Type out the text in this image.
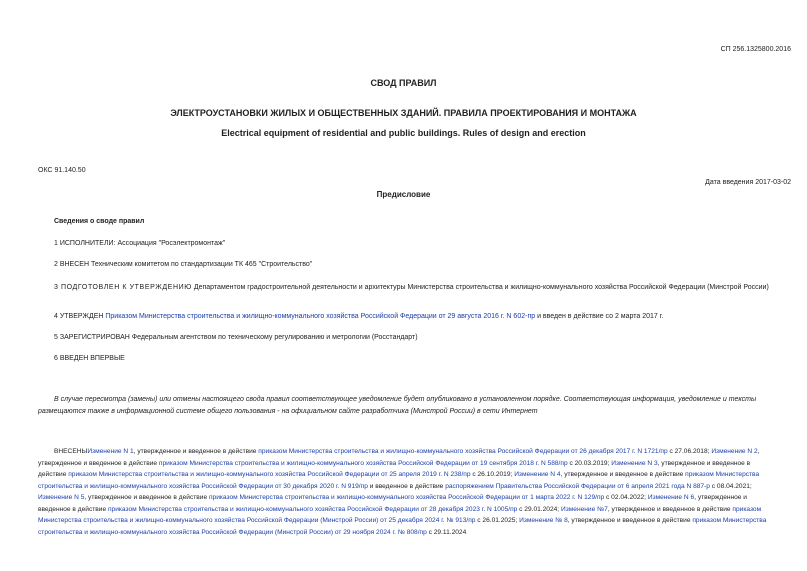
СП 256.1325800.2016
СВОД ПРАВИЛ
ЭЛЕКТРОУСТАНОВКИ ЖИЛЫХ И ОБЩЕСТВЕННЫХ ЗДАНИЙ. ПРАВИЛА ПРОЕКТИРОВАНИЯ И МОНТАЖА
Electrical equipment of residential and public buildings. Rules of design and erection
ОКС 91.140.50
Дата введения 2017-03-02
Предисловие
Сведения о своде правил
1 ИСПОЛНИТЕЛИ: Ассоциация "Росэлектромонтаж"
2 ВНЕСЕН Техническим комитетом по стандартизации ТК 465 "Строительство"
3 ПОДГОТОВЛЕН К УТВЕРЖДЕНИЮ Департаментом градостроительной деятельности и архитектуры Министерства строительства и жилищно-коммунального хозяйства Российской Федерации (Минстрой России)
4 УТВЕРЖДЕН Приказом Министерства строительства и жилищно-коммунального хозяйства Российской Федерации от 29 августа 2016 г. N 602-пр и введен в действие со 2 марта 2017 г.
5 ЗАРЕГИСТРИРОВАН Федеральным агентством по техническому регулированию и метрологии (Росстандарт)
6 ВВЕДЕН ВПЕРВЫЕ
В случае пересмотра (замены) или отмены настоящего свода правил соответствующее уведомление будет опубликовано в установленном порядке. Соответствующая информация, уведомление и тексты размещаются также в информационной системе общего пользования - на официальном сайте разработчика (Минстрой России) в сети Интернет
ВНЕСЕНЫИзменение N 1, утвержденное и введенное в действие приказом Министерства строительства и жилищно-коммунального хозяйства Российской Федерации от 26 декабря 2017 г. N 1721/пр с 27.06.2018; Изменение N 2, утвержденное и введенное в действие приказом Министерства строительства и жилищно-коммунального хозяйства Российской Федерации от 19 сентября 2018 г. N 588/пр с 20.03.2019; Изменение N 3, утвержденное и введенное в действие приказом Министерства строительства и жилищно-коммунального хозяйства Российской Федерации от 25 апреля 2019 г. N 238/пр с 26.10.2019; Изменение N 4, утвержденное и введенное в действие приказом Министерства строительства и жилищно-коммунального хозяйства Российской Федерации от 30 декабря 2020 г. N 919/пр и введенное в действие распоряжением Правительства Российской Федерации от 6 апреля 2021 года N 887-р с 08.04.2021; Изменение N 5, утвержденное и введенное в действие приказом Министерства строительства и жилищно-коммунального хозяйства Российской Федерации от 1 марта 2022 г. N 129/пр с 02.04.2022; Изменение N 6, утвержденное и введенное в действие приказом Министерства строительства и жилищно-коммунального хозяйства Российской Федерации от 28 декабря 2023 г. N 1005/пр с 29.01.2024; Изменение №7, утвержденное и введенное в действие приказом Министерства строительства и жилищно-коммунального хозяйства Российской Федерации (Минстрой России) от 25 декабря 2024 г. № 913/пр с 26.01.2025; Изменение № 8, утвержденное и введенное в действие приказом Министерства строительства и жилищно-коммунального хозяйства Российской Федерации (Минстрой России) от 29 ноября 2024 г. № 808/пр с 29.11.2024
